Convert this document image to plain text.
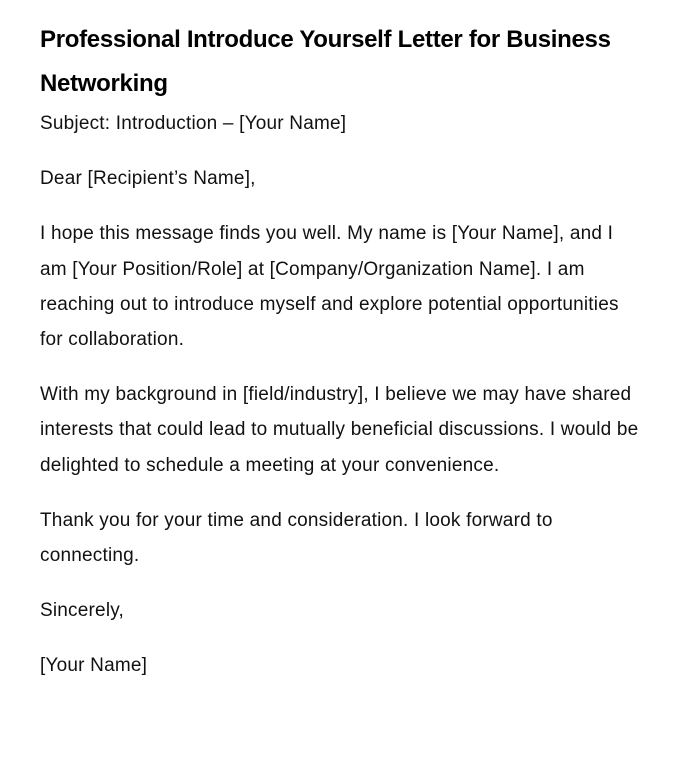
Professional Introduce Yourself Letter for Business Networking

Subject: Introduction – [Your Name]

Dear [Recipient’s Name],

I hope this message finds you well. My name is [Your Name], and I am [Your Position/Role] at [Company/Organization Name]. I am reaching out to introduce myself and explore potential opportunities for collaboration.

With my background in [field/industry], I believe we may have shared interests that could lead to mutually beneficial discussions. I would be delighted to schedule a meeting at your convenience.

Thank you for your time and consideration. I look forward to connecting.

Sincerely,

[Your Name]
